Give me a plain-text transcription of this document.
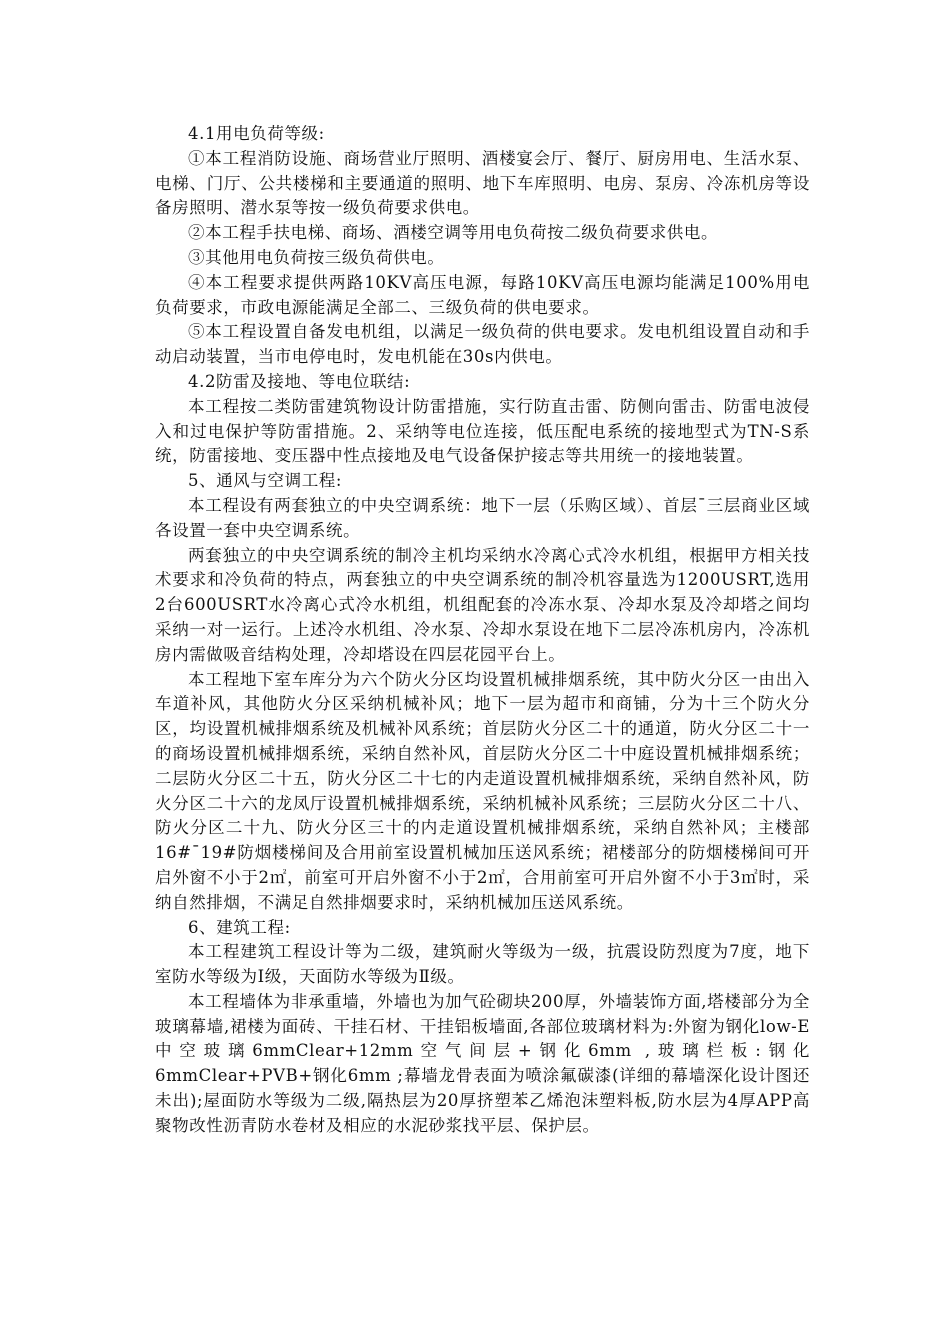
4.1用电负荷等级:

①本工程消防设施、商场营业厅照明、酒楼宴会厅、餐厅、厨房用电、生活水泵、电梯、门厅、公共楼梯和主要通道的照明、地下车库照明、电房、泵房、冷冻机房等设备房照明、潜水泵等按一级负荷要求供电。

②本工程手扶电梯、商场、酒楼空调等用电负荷按二级负荷要求供电。

③其他用电负荷按三级负荷供电。

④本工程要求提供两路10KV高压电源，每路10KV高压电源均能满足100%用电负荷要求，市政电源能满足全部二、三级负荷的供电要求。

⑤本工程设置自备发电机组，以满足一级负荷的供电要求。发电机组设置自动和手动启动装置，当市电停电时，发电机能在30s内供电。

4.2防雷及接地、等电位联结:

本工程按二类防雷建筑物设计防雷措施，实行防直击雷、防侧向雷击、防雷电波侵入和过电保护等防雷措施。2、采纳等电位连接，低压配电系统的接地型式为TN-S系统，防雷接地、变压器中性点接地及电气设备保护接志等共用统一的接地装置。

5、通风与空调工程:

本工程设有两套独立的中央空调系统：地下一层（乐购区域）、首层¯三层商业区域各设置一套中央空调系统。

两套独立的中央空调系统的制冷主机均采纳水冷离心式冷水机组，根据甲方相关技术要求和冷负荷的特点，两套独立的中央空调系统的制冷机容量选为1200USRT,选用2台600USRT水冷离心式冷水机组，机组配套的冷冻水泵、冷却水泵及冷却塔之间均采纳一对一运行。上述冷水机组、冷水泵、冷却水泵设在地下二层冷冻机房内，冷冻机房内需做吸音结构处理，冷却塔设在四层花园平台上。

本工程地下室车库分为六个防火分区均设置机械排烟系统，其中防火分区一由出入车道补风，其他防火分区采纳机械补风；地下一层为超市和商铺，分为十三个防火分区，均设置机械排烟系统及机械补风系统；首层防火分区二十的通道，防火分区二十一的商场设置机械排烟系统，采纳自然补风，首层防火分区二十中庭设置机械排烟系统；二层防火分区二十五，防火分区二十七的内走道设置机械排烟系统，采纳自然补风，防火分区二十六的龙凤厅设置机械排烟系统，采纳机械补风系统；三层防火分区二十八、防火分区二十九、防火分区三十的内走道设置机械排烟系统，采纳自然补风；主楼部16#¯19#防烟楼梯间及合用前室设置机械加压送风系统；裙楼部分的防烟楼梯间可开启外窗不小于2㎡，前室可开启外窗不小于2㎡，合用前室可开启外窗不小于3㎡时，采纳自然排烟，不满足自然排烟要求时，采纳机械加压送风系统。

6、建筑工程:

本工程建筑工程设计等为二级，建筑耐火等级为一级，抗震设防烈度为7度，地下室防水等级为Ⅰ级，天面防水等级为Ⅱ级。

本工程墙体为非承重墙，外墙也为加气砼砌块200厚，外墙装饰方面,塔楼部分为全玻璃幕墙,裙楼为面砖、干挂石材、干挂铝板墙面,各部位玻璃材料为:外窗为钢化low-E中空玻璃6mmClear+12mm空气间层+钢化6mm ,玻璃栏板:钢化6mmClear+PVB+钢化6mm ;幕墙龙骨表面为喷涂氟碳漆(详细的幕墙深化设计图还未出);屋面防水等级为二级,隔热层为20厚挤塑苯乙烯泡沫塑料板,防水层为4厚APP高聚物改性沥青防水卷材及相应的水泥砂浆找平层、保护层。
